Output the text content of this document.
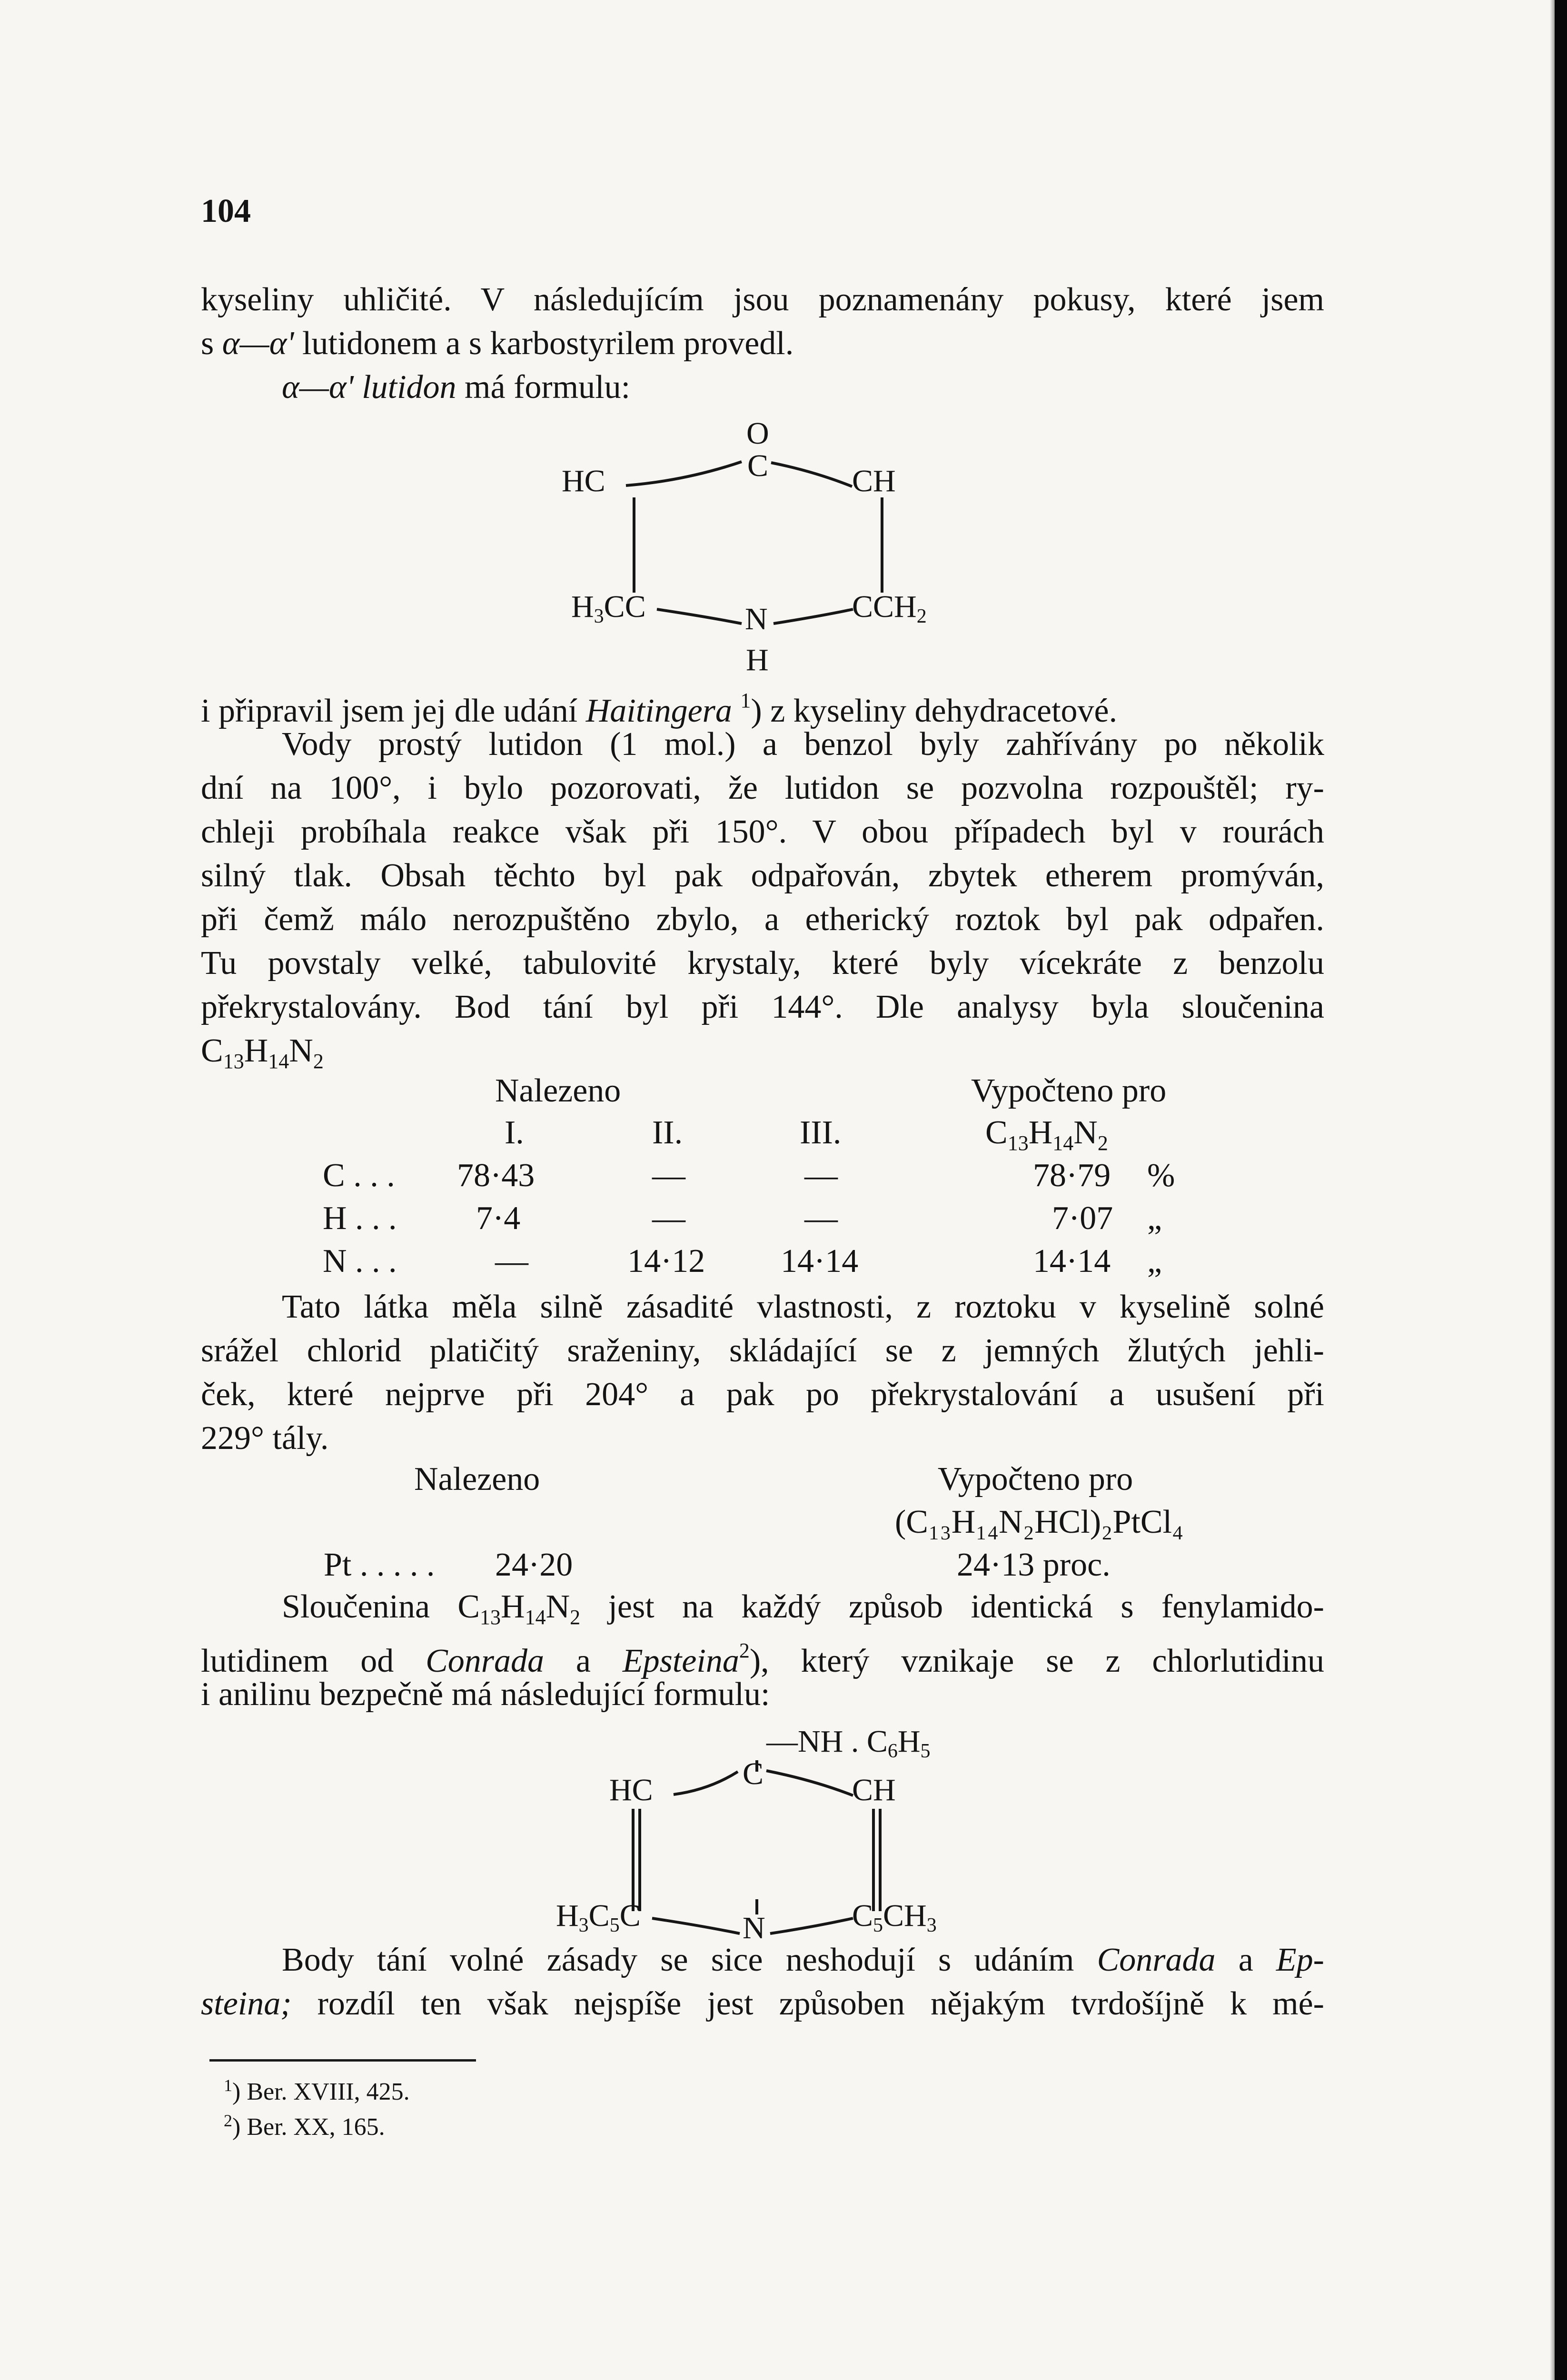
104
kyseliny uhličité. V následujícím jsou poznamenány pokusy, které jsem
s α—α' lutidonem a s karbostyrilem provedl.
α—α' lutidon má formulu:
O
HC	C	CH
H3CC	N	CCH2
H
i připravil jsem jej dle udání Haitingera $^1$) z kyseliny dehydracetové.
Vody prostý lutidon (1 mol.) a benzol byly zahřívány po několik
dní na 100°, i bylo pozorovati, že lutidon se pozvolna rozpouštěl; ry-
chleji probíhala reakce však při 150°. V obou případech byl v rourách
silný tlak. Obsah těchto byl pak odpařován, zbytek etherem promýván,
při čemž málo nerozpuštěno zbylo, a etherický roztok byl pak odpařen.
Tu povstaly velké, tabulovité krystaly, které byly vícekráte z benzolu
překrystalovány. Bod tání byl při 144°. Dle analysy byla sloučenina
$C_{13}H_{14}N_2$
Nalezeno	Vypočteno pro
I.	II.	III.	$C_{13}H_{14}N_2$
C . . . 78·43	—	—	78·79 %
H . . . 7·4	—	—	7·07 „
N . . .	—	14·12 14·14	14·14 „
Tato látka měla silně zásadité vlastnosti, z roztoku v kyselině solné
srážel chlorid platičitý sraženiny, skládající se z jemných žlutých jehli-
ček, které nejprve při 204° a pak po překrystalování a usušení při
229° tály.
Nalezeno	Vypočteno pro
(C₁₃H₁₄N₂HCl)₂PtCl₄
Pt . . . . . 24·20	24·13 proc.
Sloučenina $C_{13}H_{14}N_2$ jest na každý způsob identická s fenylamido-
lutidinem od Conrada a Epsteina$^2$), který vznikaje se z chlorlutidinu
i anilinu bezpečně má následující formulu:
—NH . C6H5
HC	C	CH
H3C5C	N	C5CH3
Body tání volné zásady se sice neshodují s udáním Conrada a Ep-
steina; rozdíl ten však nejspíše jest způsoben nějakým tvrdošíjně k mé-
$^1$) Ber. XVIII, 425.
$^2$) Ber. XX, 165.
